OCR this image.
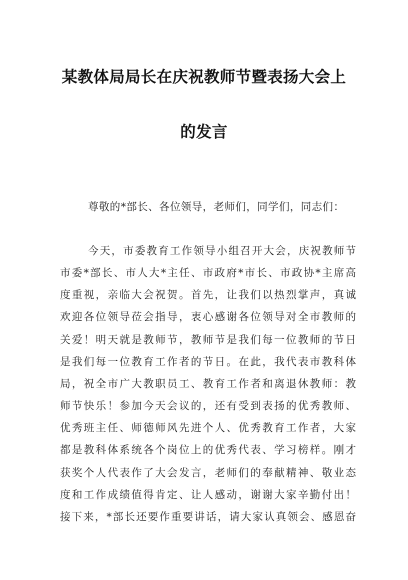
某教体局局长在庆祝教师节暨表扬大会上
的发言
尊敬的*部长、各位领导，老师们，同学们，同志们：
今天，市委教育工作领导小组召开大会，庆祝教师节
市委*部长、市人大*主任、市政府*市长、市政协*主席高
度重视，亲临大会祝贺。首先，让我们以热烈掌声，真诚
欢迎各位领导莅会指导，衷心感谢各位领导对全市教师的
关爱！明天就是教师节，教师节是我们每一位教师的节日
是我们每一位教育工作者的节日。在此，我代表市教科体
局，祝全市广大教职员工、教育工作者和离退休教师：教
师节快乐！参加今天会议的，还有受到表扬的优秀教师、
优秀班主任、师德师风先进个人、优秀教育工作者，大家
都是教科体系统各个岗位上的优秀代表、学习榜样。刚才
获奖个人代表作了大会发言，老师们的奉献精神、敬业态
度和工作成绩值得肯定、让人感动，谢谢大家辛勤付出！
接下来，*部长还要作重要讲话，请大家认真领会、感恩奋
